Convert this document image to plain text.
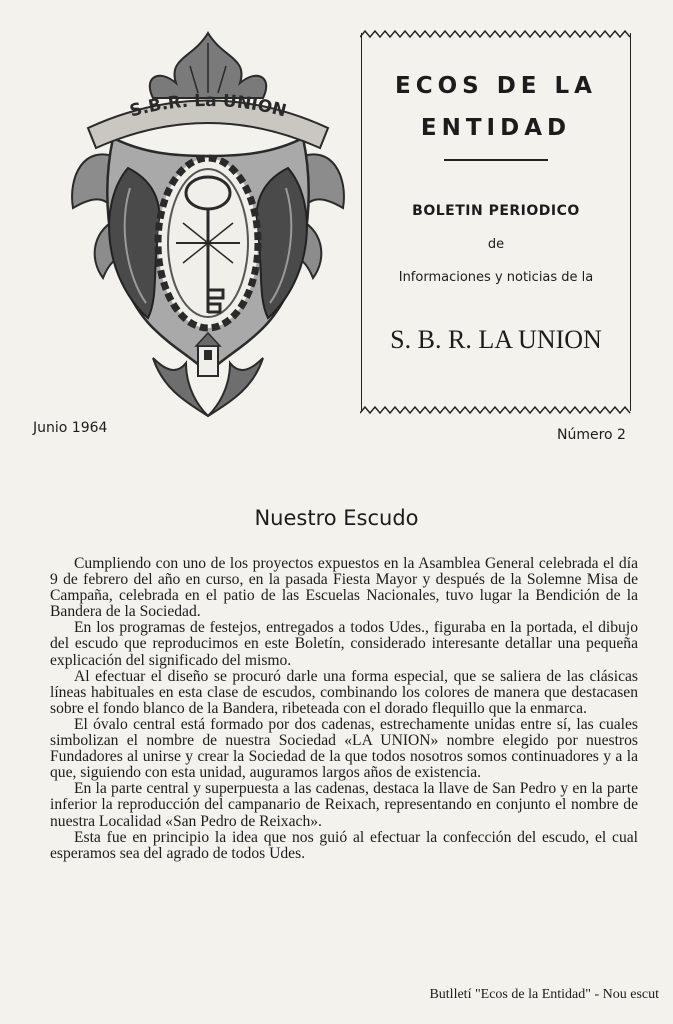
S.B.R. La UNION
ECOS DE LA
ENTIDAD
BOLETIN PERIODICO
de
Informaciones y noticias de la
S. B. R. LA UNION
Junio 1964	Número 2
Nuestro Escudo

Cumpliendo con uno de los proyectos expuestos en la Asamblea General celebrada el día 9 de febrero del año en curso, en la pasada Fiesta Mayor y después de la Solemne Misa de Campaña, celebrada en el patio de las Escuelas Nacionales, tuvo lugar la Bendición de la Bandera de la Sociedad.

En los programas de festejos, entregados a todos Udes., figuraba en la portada, el dibujo del escudo que reproducimos en este Boletín, considerado interesante detallar una pequeña explicación del significado del mismo.

Al efectuar el diseño se procuró darle una forma especial, que se saliera de las clásicas líneas habituales en esta clase de escudos, combinando los colores de manera que destacasen sobre el fondo blanco de la Bandera, ribeteada con el dorado flequillo que la enmarca.

El óvalo central está formado por dos cadenas, estrechamente unidas entre sí, las cuales simbolizan el nombre de nuestra Sociedad «LA UNION» nombre elegido por nuestros Fundadores al unirse y crear la Sociedad de la que todos nosotros somos continuadores y a la que, siguiendo con esta unidad, auguramos largos años de existencia.

En la parte central y superpuesta a las cadenas, destaca la llave de San Pedro y en la parte inferior la reproducción del campanario de Reixach, representando en conjunto el nombre de nuestra Localidad «San Pedro de Reixach».

Esta fue en principio la idea que nos guió al efectuar la confección del escudo, el cual esperamos sea del agrado de todos Udes.

Butlletí "Ecos de la Entidad" - Nou escut
